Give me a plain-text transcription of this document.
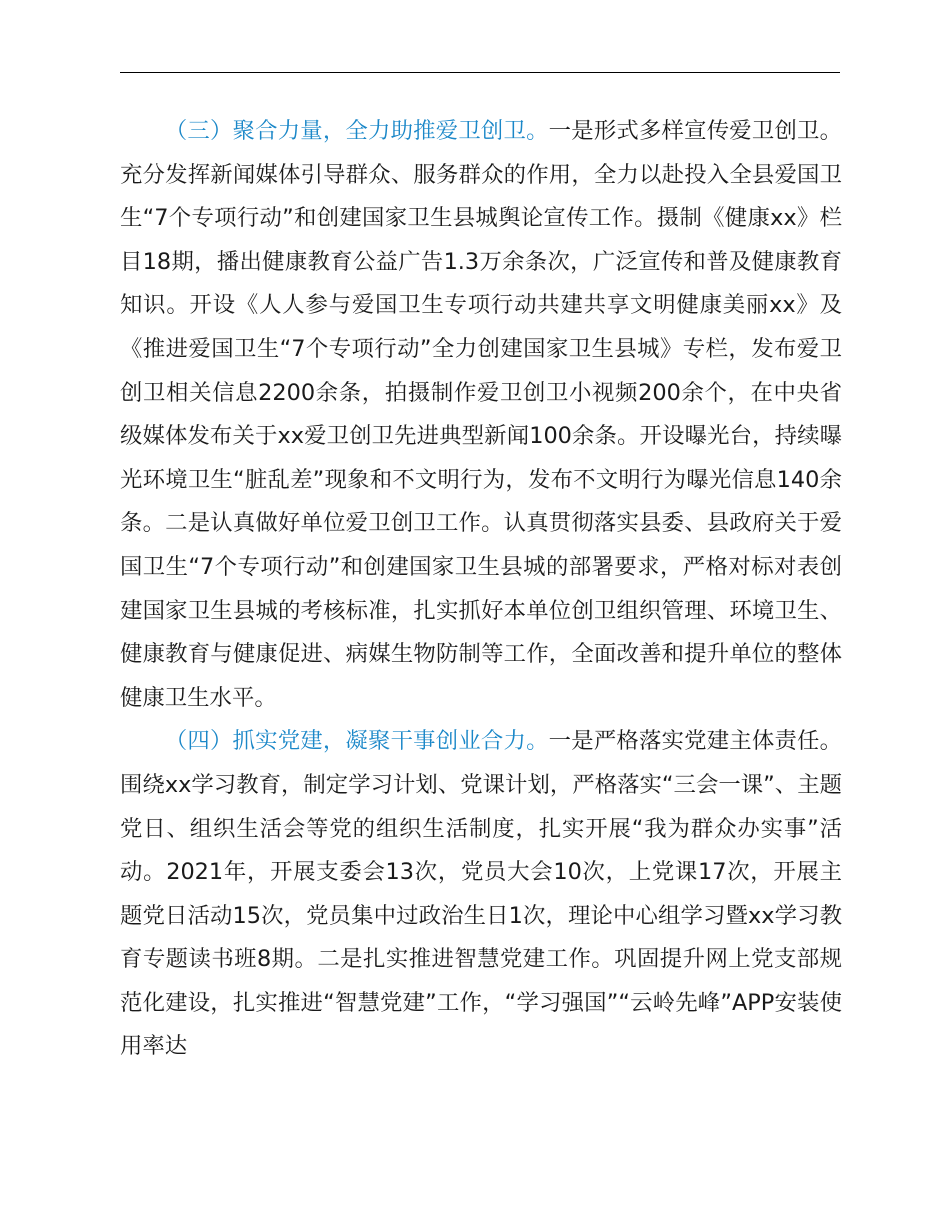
（三）聚合力量，全力助推爱卫创卫。一是形式多样宣传爱卫创卫。充分发挥新闻媒体引导群众、服务群众的作用，全力以赴投入全县爱国卫生“7个专项行动”和创建国家卫生县城舆论宣传工作。摄制《健康xx》栏目18期，播出健康教育公益广告1.3万余条次，广泛宣传和普及健康教育知识。开设《人人参与爱国卫生专项行动共建共享文明健康美丽xx》及《推进爱国卫生“7个专项行动”全力创建国家卫生县城》专栏，发布爱卫创卫相关信息2200余条，拍摄制作爱卫创卫小视频200余个，在中央省级媒体发布关于xx爱卫创卫先进典型新闻100余条。开设曝光台，持续曝光环境卫生“脏乱差”现象和不文明行为，发布不文明行为曝光信息140余条。二是认真做好单位爱卫创卫工作。认真贯彻落实县委、县政府关于爱国卫生“7个专项行动”和创建国家卫生县城的部署要求，严格对标对表创建国家卫生县城的考核标准，扎实抓好本单位创卫组织管理、环境卫生、健康教育与健康促进、病媒生物防制等工作，全面改善和提升单位的整体健康卫生水平。

（四）抓实党建，凝聚干事创业合力。一是严格落实党建主体责任。围绕xx学习教育，制定学习计划、党课计划，严格落实“三会一课”、主题党日、组织生活会等党的组织生活制度，扎实开展“我为群众办实事”活动。2021年，开展支委会13次，党员大会10次，上党课17次，开展主题党日活动15次，党员集中过政治生日1次，理论中心组学习暨xx学习教育专题读书班8期。二是扎实推进智慧党建工作。巩固提升网上党支部规范化建设，扎实推进“智慧党建”工作，“学习强国”“云岭先峰”APP安装使用率达
